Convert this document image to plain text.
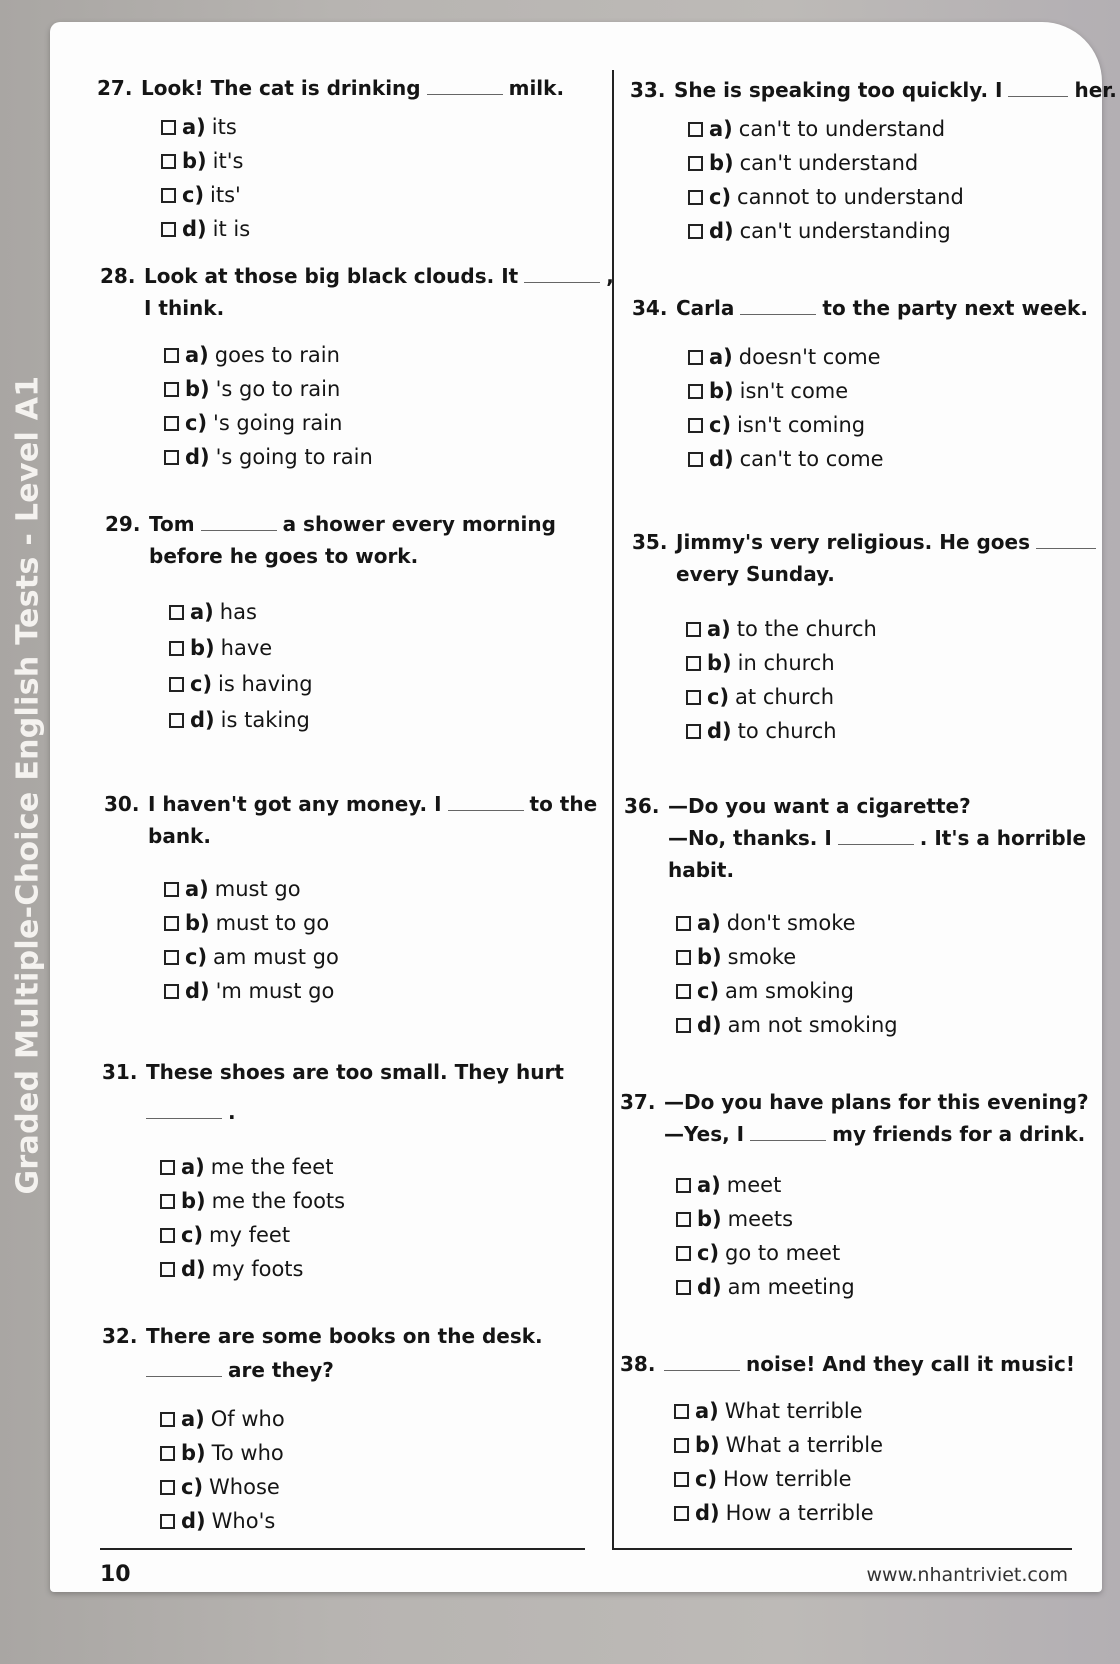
Graded Multiple-Choice English Tests - Level A1
27. Look! The cat is drinking	milk.
a) its
b) it's
c) its'
d) it is
28. Look at those big black clouds. It	,
I think.
a) goes to rain
b) 's go to rain
c) 's going rain
d) 's going to rain
29. Tom	a shower every morning
before he goes to work.
a) has
b) have
c) is having
d) is taking
30. I haven't got any money. I	to the
bank.
a) must go
b) must to go
c) am must go
d) 'm must go
31. These shoes are too small. They hurt
.
a) me the feet
b) me the foots
c) my feet
d) my foots
32. There are some books on the desk.
are they?
a) Of who
b) To who
c) Whose
d) Who's
33. She is speaking too quickly. I	her.
a) can't to understand
b) can't understand
c) cannot to understand
d) can't understanding
34. Carla	to the party next week.
a) doesn't come
b) isn't come
c) isn't coming
d) can't to come
35. Jimmy's very religious. He goes
every Sunday.
a) to the church
b) in church
c) at church
d) to church
36. —Do you want a cigarette?
—No, thanks. I	. It's a horrible
habit.
a) don't smoke
b) smoke
c) am smoking
d) am not smoking
37. —Do you have plans for this evening?
—Yes, I	my friends for a drink.
a) meet
b) meets
c) go to meet
d) am meeting
38.	noise! And they call it music!
a) What terrible
b) What a terrible
c) How terrible
d) How a terrible
10	www.nhantriviet.com
